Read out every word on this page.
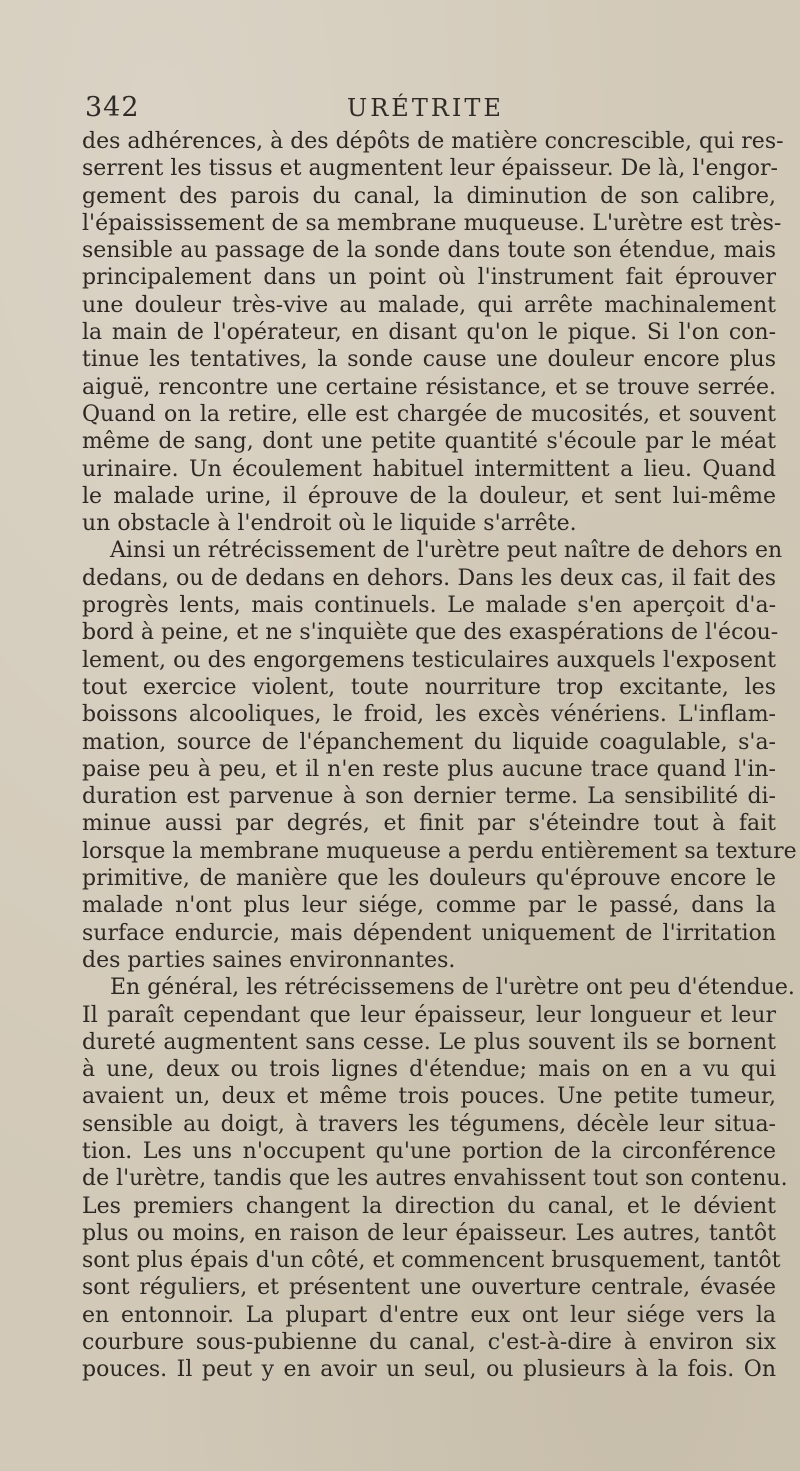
342	URÉTRITE
des adhérences, à des dépôts de matière concrescible, qui res-
serrent les tissus et augmentent leur épaisseur. De là, l'engor-
gement des parois du canal, la diminution de son calibre,
l'épaississement de sa membrane muqueuse. L'urètre est très-
sensible au passage de la sonde dans toute son étendue, mais
principalement dans un point où l'instrument fait éprouver
une douleur très-vive au malade, qui arrête machinalement
la main de l'opérateur, en disant qu'on le pique. Si l'on con-
tinue les tentatives, la sonde cause une douleur encore plus
aiguë, rencontre une certaine résistance, et se trouve serrée.
Quand on la retire, elle est chargée de mucosités, et souvent
même de sang, dont une petite quantité s'écoule par le méat
urinaire. Un écoulement habituel intermittent a lieu. Quand
le malade urine, il éprouve de la douleur, et sent lui-même
un obstacle à l'endroit où le liquide s'arrête.
Ainsi un rétrécissement de l'urètre peut naître de dehors en
dedans, ou de dedans en dehors. Dans les deux cas, il fait des
progrès lents, mais continuels. Le malade s'en aperçoit d'a-
bord à peine, et ne s'inquiète que des exaspérations de l'écou-
lement, ou des engorgemens testiculaires auxquels l'exposent
tout exercice violent, toute nourriture trop excitante, les
boissons alcooliques, le froid, les excès vénériens. L'inflam-
mation, source de l'épanchement du liquide coagulable, s'a-
paise peu à peu, et il n'en reste plus aucune trace quand l'in-
duration est parvenue à son dernier terme. La sensibilité di-
minue aussi par degrés, et finit par s'éteindre tout à fait
lorsque la membrane muqueuse a perdu entièrement sa texture
primitive, de manière que les douleurs qu'éprouve encore le
malade n'ont plus leur siége, comme par le passé, dans la
surface endurcie, mais dépendent uniquement de l'irritation
des parties saines environnantes.
En général, les rétrécissemens de l'urètre ont peu d'étendue.
Il paraît cependant que leur épaisseur, leur longueur et leur
dureté augmentent sans cesse. Le plus souvent ils se bornent
à une, deux ou trois lignes d'étendue; mais on en a vu qui
avaient un, deux et même trois pouces. Une petite tumeur,
sensible au doigt, à travers les tégumens, décèle leur situa-
tion. Les uns n'occupent qu'une portion de la circonférence
de l'urètre, tandis que les autres envahissent tout son contenu.
Les premiers changent la direction du canal, et le dévient
plus ou moins, en raison de leur épaisseur. Les autres, tantôt
sont plus épais d'un côté, et commencent brusquement, tantôt
sont réguliers, et présentent une ouverture centrale, évasée
en entonnoir. La plupart d'entre eux ont leur siége vers la
courbure sous-pubienne du canal, c'est-à-dire à environ six
pouces. Il peut y en avoir un seul, ou plusieurs à la fois. On
